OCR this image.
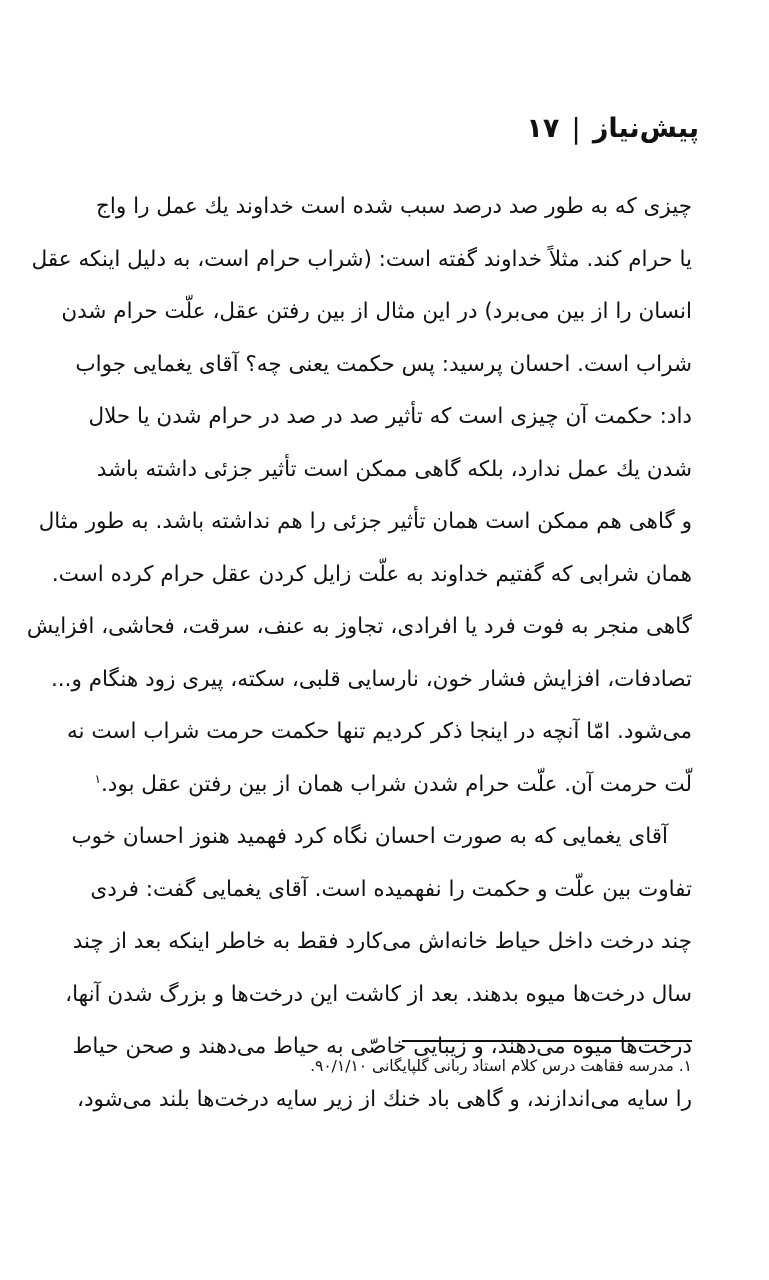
پیش‌نیاز
|
۱۷
چیزی که به طور صد درصد سبب شده است خداوند یك عمل را واج
یا حرام کند. مثلاً خداوند گفته است: (شراب حرام است، به دلیل اینکه عقل
انسان را از بین می‌برد) در این مثال از بین رفتن عقل، علّت حرام شدن
شراب است. احسان پرسید: پس حکمت یعنی چه؟ آقای یغمایی جواب
داد: حکمت آن چیزی است که تأثیر صد در صد در حرام شدن یا حلال
شدن یك عمل ندارد، بلکه گاهی ممکن است تأثیر جزئی داشته باشد
و گاهی هم ممکن است همان تأثیر جزئی را هم نداشته باشد. به طور مثال
همان شرابی که گفتیم خداوند به علّت زایل کردن عقل حرام کرده است.
گاهی منجر به فوت فرد یا افرادی، تجاوز به عنف، سرقت، فحاشی، افزایش
تصادفات، افزایش فشار خون، نارسایی قلبی، سکته، پیری زود هنگام و...
می‌شود. امّا آنچه در اینجا ذکر کردیم تنها حکمت حرمت شراب است نه
لّت حرمت آن. علّت حرام شدن شراب همان از بین رفتن عقل بود.$^۱$
آقای یغمایی که به صورت احسان نگاه کرد فهمید هنوز احسان خوب
تفاوت بین علّت و حکمت را نفهمیده است. آقای یغمایی گفت: فردی
چند درخت داخل حیاط خانه‌اش می‌کارد فقط به خاطر اینکه بعد از چند
سال درخت‌ها میوه بدهند. بعد از کاشت این درخت‌ها و بزرگ شدن آنها،
درخت‌ها میوه می‌دهند، و زیبایی خاصّی به حیاط می‌دهند و صحن حیاط
را سایه می‌اندازند، و گاهی باد خنك از زیر سایه درخت‌ها بلند می‌شود،
۱. مدرسه فقاهت درس کلام استاد ربانی گلپایگانی ۹۰/۱/۱۰.
